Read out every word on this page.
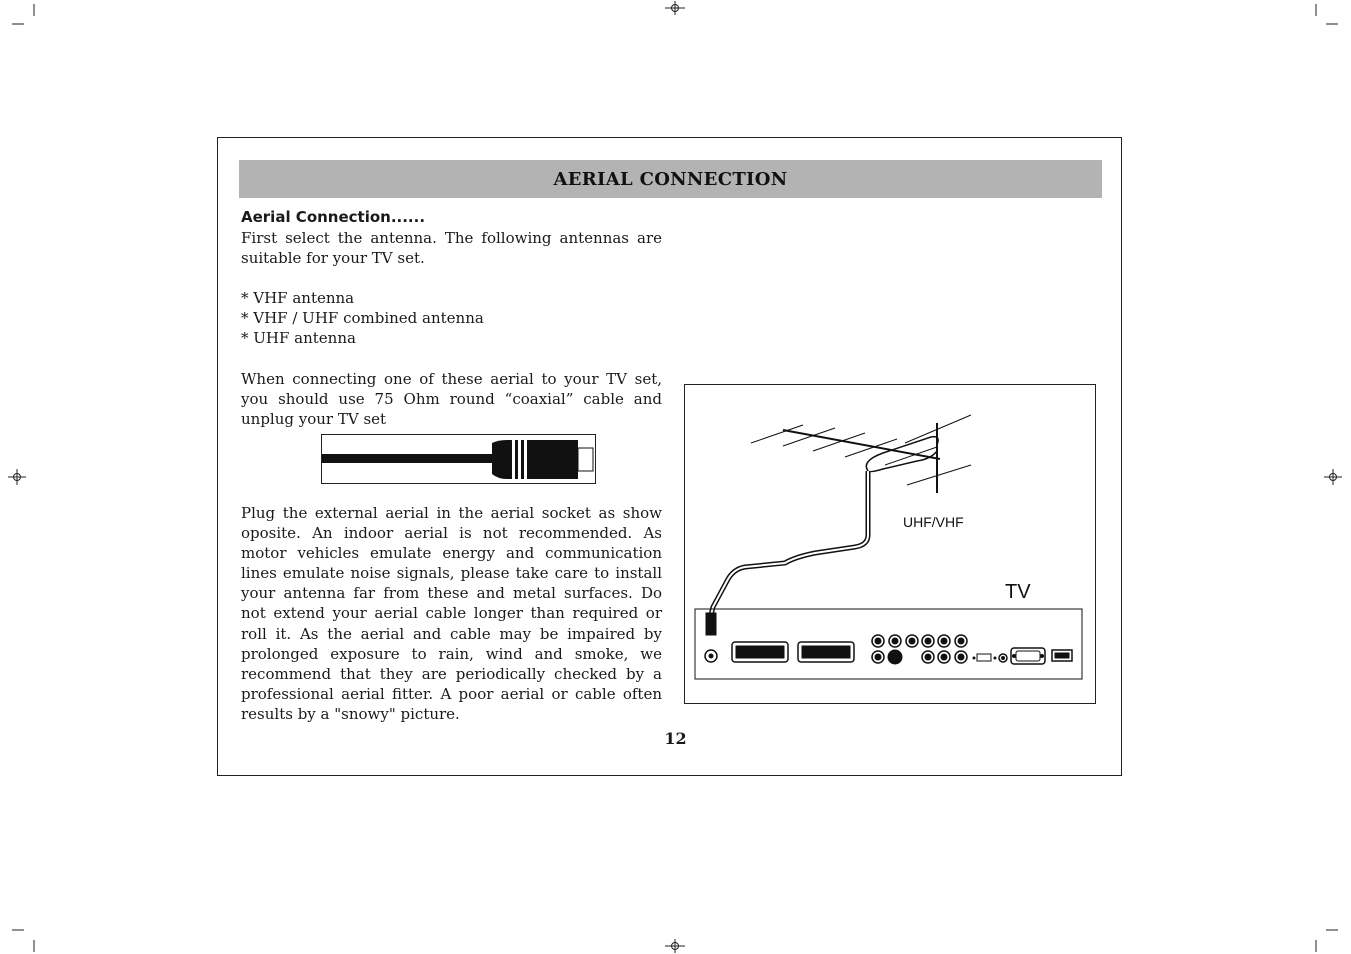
AERIAL CONNECTION

Aerial Connection......

First select the antenna. The following antennas are suitable for your TV set.

* VHF antenna
* VHF / UHF combined antenna
* UHF antenna

When connecting one of these aerial to your TV set, you should use 75 Ohm round “coaxial” cable and unplug your TV set

Plug the external aerial in the aerial socket as show oposite. An indoor aerial is not recommended. As motor vehicles emulate energy and communication lines emulate noise signals, please take care to install your antenna far from these and metal surfaces. Do not extend your aerial cable longer than required or roll it. As the aerial and cable may be impaired by prolonged exposure to rain, wind and smoke, we recommend that they are periodically checked by a professional aerial fitter. A poor aerial or cable often results by a "snowy" picture.

UHF/VHF
TV
12
